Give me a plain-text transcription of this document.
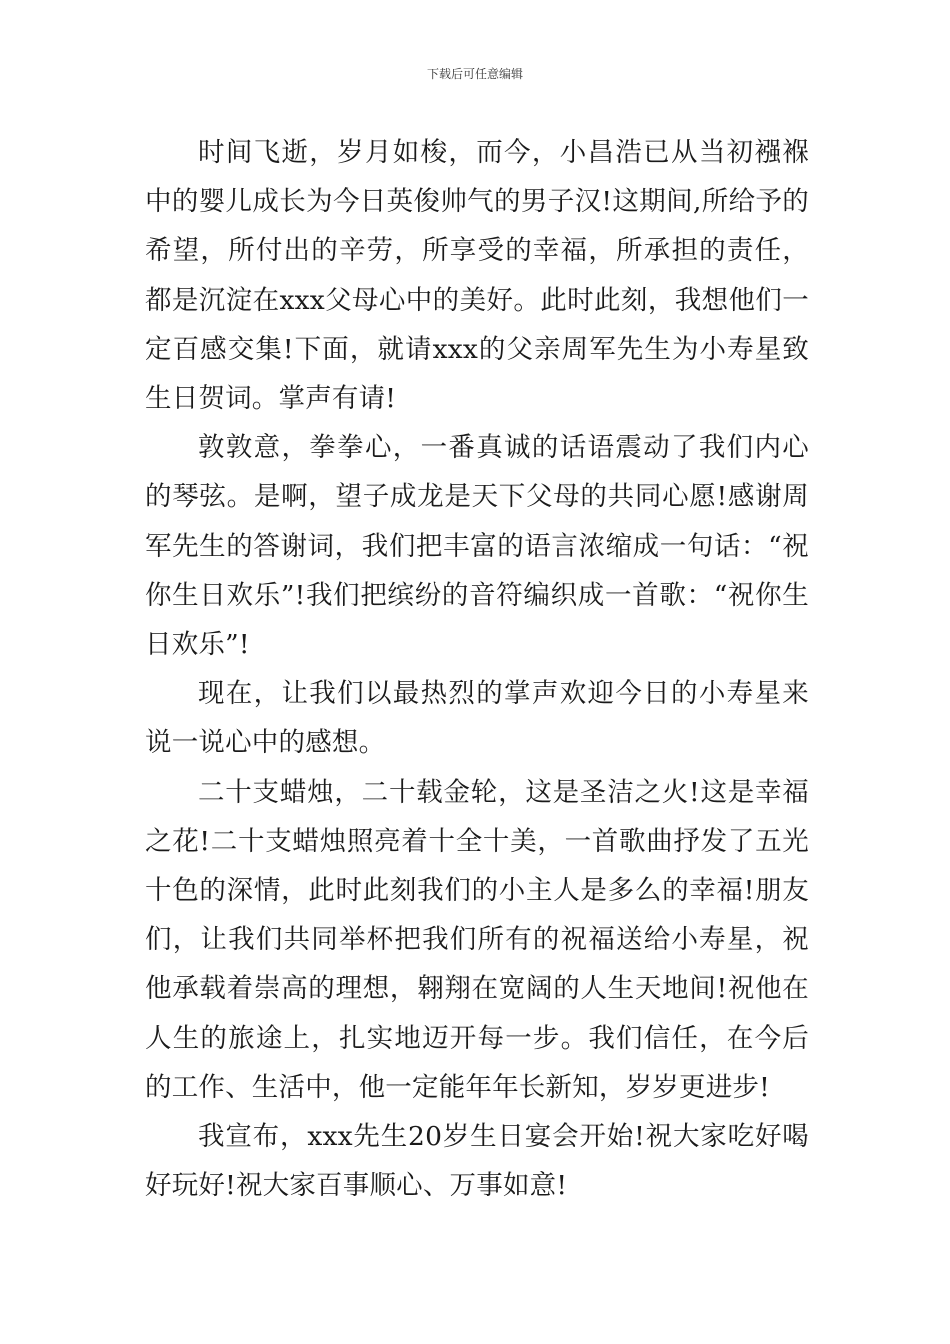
下载后可任意编辑

时间飞逝，岁月如梭，而今，小昌浩已从当初襁褓中的婴儿成长为今日英俊帅气的男子汉!这期间,所给予的希望，所付出的辛劳，所享受的幸福，所承担的责任，都是沉淀在xxx父母心中的美好。此时此刻，我想他们一定百感交集!下面，就请xxx的父亲周军先生为小寿星致生日贺词。掌声有请!

敦敦意，拳拳心，一番真诚的话语震动了我们内心的琴弦。是啊，望子成龙是天下父母的共同心愿!感谢周军先生的答谢词，我们把丰富的语言浓缩成一句话：“祝你生日欢乐”!我们把缤纷的音符编织成一首歌：“祝你生日欢乐”!

现在，让我们以最热烈的掌声欢迎今日的小寿星来说一说心中的感想。

二十支蜡烛，二十载金轮，这是圣洁之火!这是幸福之花!二十支蜡烛照亮着十全十美，一首歌曲抒发了五光十色的深情，此时此刻我们的小主人是多么的幸福!朋友们，让我们共同举杯把我们所有的祝福送给小寿星，祝他承载着崇高的理想，翱翔在宽阔的人生天地间!祝他在人生的旅途上，扎实地迈开每一步。我们信任，在今后的工作、生活中，他一定能年年长新知，岁岁更进步!

我宣布，xxx先生20岁生日宴会开始!祝大家吃好喝好玩好!祝大家百事顺心、万事如意!
